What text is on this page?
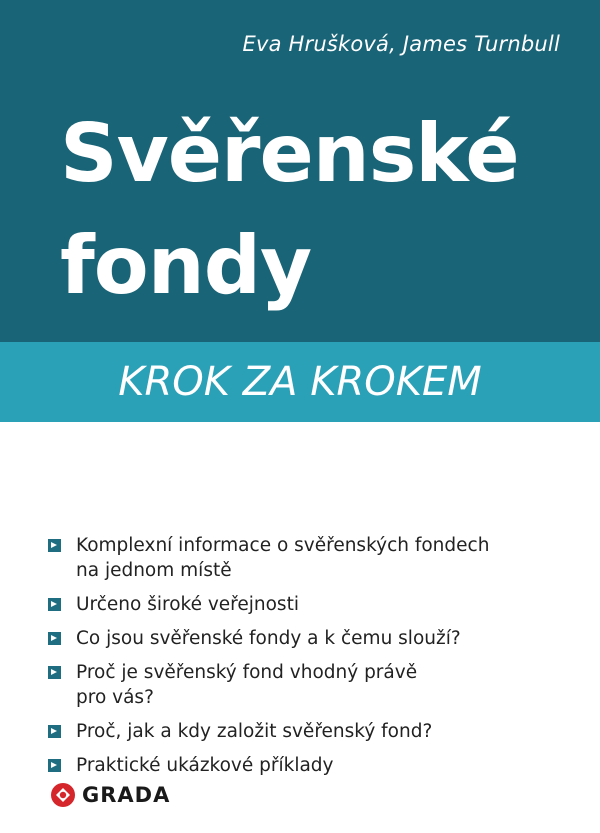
Eva Hrušková, James Turnbull
Svěřenské
fondy
KROK ZA KROKEM
Komplexní informace o svěřenských fondech
na jednom místě
Určeno široké veřejnosti
Co jsou svěřenské fondy a k čemu slouží?
Proč je svěřenský fond vhodný právě
pro vás?
Proč, jak a kdy založit svěřenský fond?
Praktické ukázkové příklady
GRADA
